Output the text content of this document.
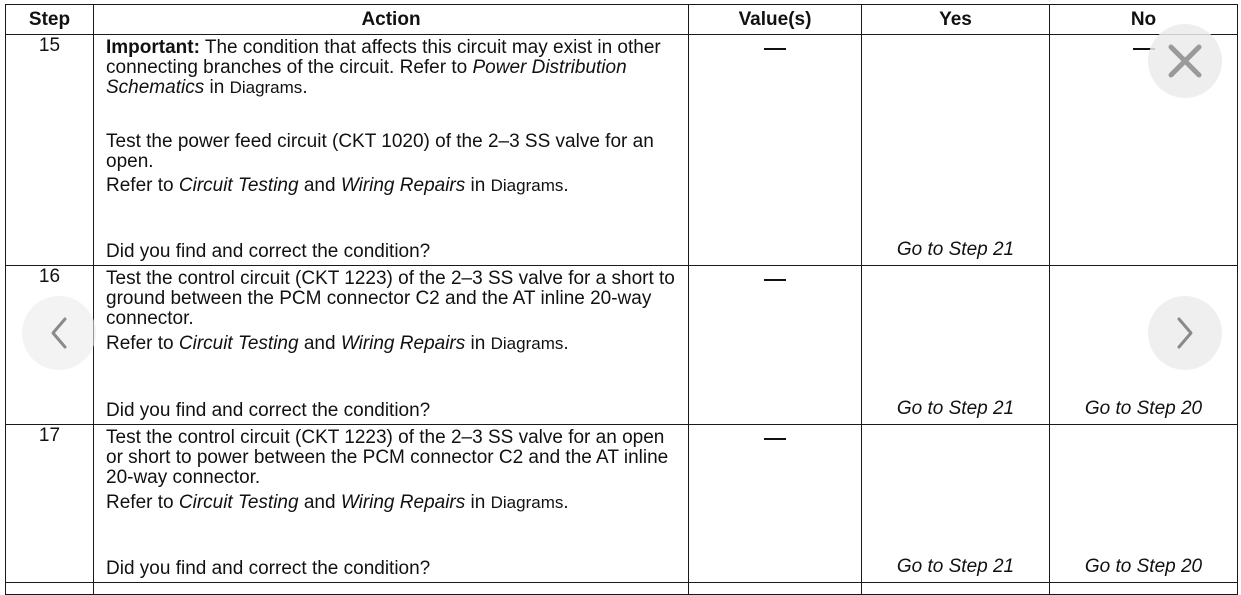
Step	Action	Value(s)	Yes	No
15	Important: The condition that affects this circuit may exist in other connecting branches of the circuit. Refer to Power Distribution Schematics in Diagrams.
Test the power feed circuit (CKT 1020) of the 2–3 SS valve for an open.
Refer to Circuit Testing and Wiring Repairs in Diagrams.
Did you find and correct the condition?		Go to Step 21	

16	Test the control circuit (CKT 1223) of the 2–3 SS valve for a short to ground between the PCM connector C2 and the AT inline 20-way connector.
Refer to Circuit Testing and Wiring Repairs in Diagrams.
Did you find and correct the condition?		Go to Step 21	Go to Step 20

17	Test the control circuit (CKT 1223) of the 2–3 SS valve for an open or short to power between the PCM connector C2 and the AT inline 20-way connector.
Refer to Circuit Testing and Wiring Repairs in Diagrams.
Did you find and correct the condition?		Go to Step 21	Go to Step 20
